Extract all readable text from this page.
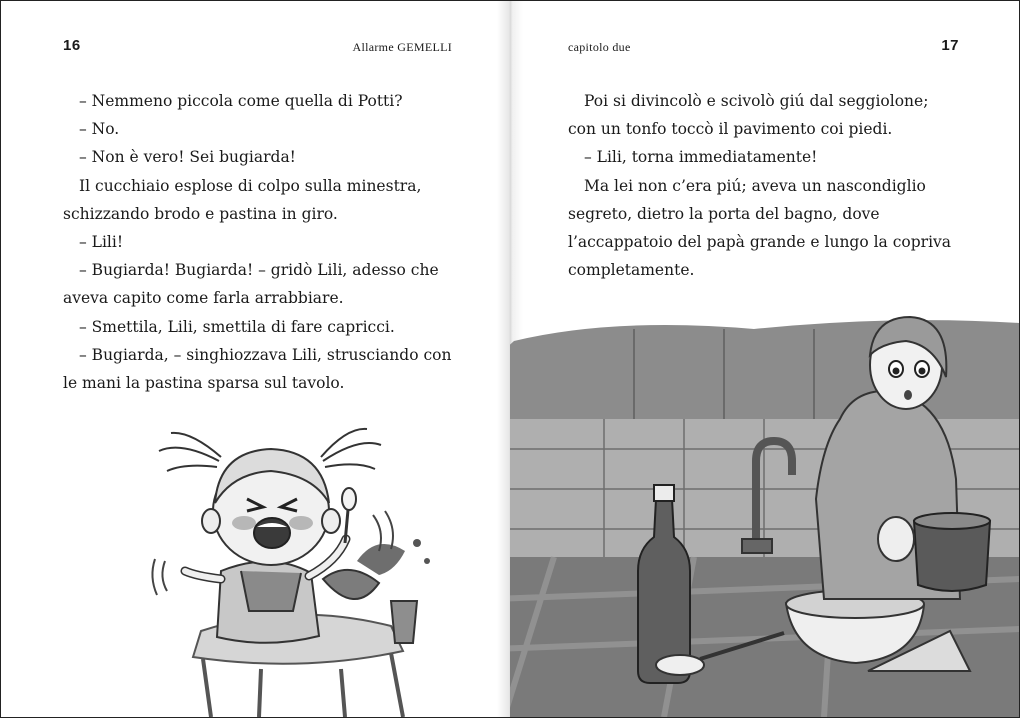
16	Allarme GEMELLI

– Nemmeno piccola come quella di Potti?

– No.

– Non è vero! Sei bugiarda!

Il cucchiaio esplose di colpo sulla minestra,

schizzando brodo e pastina in giro.

– Lili!

– Bugiarda! Bugiarda! – gridò Lili, adesso che

aveva capito come farla arrabbiare.

– Smettila, Lili, smettila di fare capricci.

– Bugiarda, – singhiozzava Lili, strusciando con

le mani la pastina sparsa sul tavolo.

capitolo due	17

Poi si divincolò e scivolò giú dal seggiolone;

con un tonfo toccò il pavimento coi piedi.

– Lili, torna immediatamente!

Ma lei non c’era piú; aveva un nascondiglio

segreto, dietro la porta del bagno, dove

l’accappatoio del papà grande e lungo la copriva

completamente.
